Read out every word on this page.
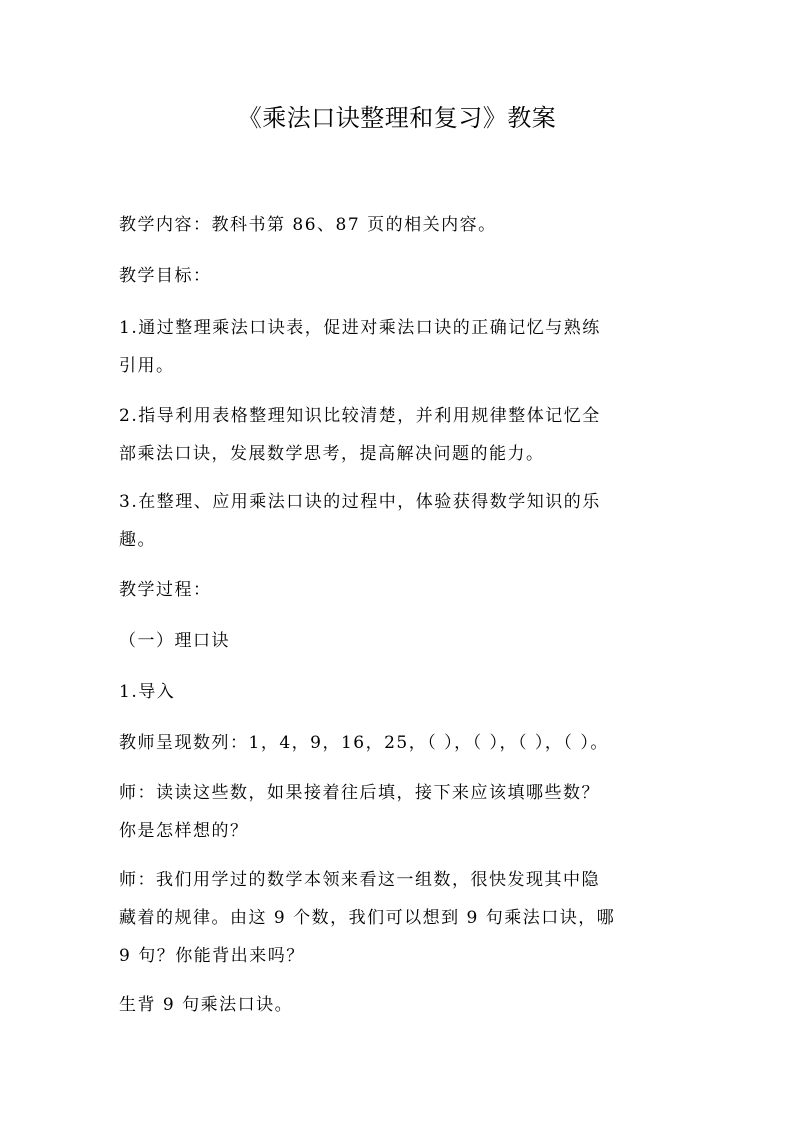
《乘法口诀整理和复习》教案
教学内容：教科书第 86、87 页的相关内容。
教学目标：
1.通过整理乘法口诀表，促进对乘法口诀的正确记忆与熟练
引用。
2.指导利用表格整理知识比较清楚，并利用规律整体记忆全
部乘法口诀，发展数学思考，提高解决问题的能力。
3.在整理、应用乘法口诀的过程中，体验获得数学知识的乐
趣。
教学过程：
（一）理口诀
1.导入
教师呈现数列：1，4，9，16，25，（ ），（ ），（ ），（ ）。
师：读读这些数，如果接着往后填，接下来应该填哪些数？
你是怎样想的？
师：我们用学过的数学本领来看这一组数，很快发现其中隐
藏着的规律。由这 9 个数，我们可以想到 9 句乘法口诀，哪
9 句？你能背出来吗？
生背 9 句乘法口诀。
